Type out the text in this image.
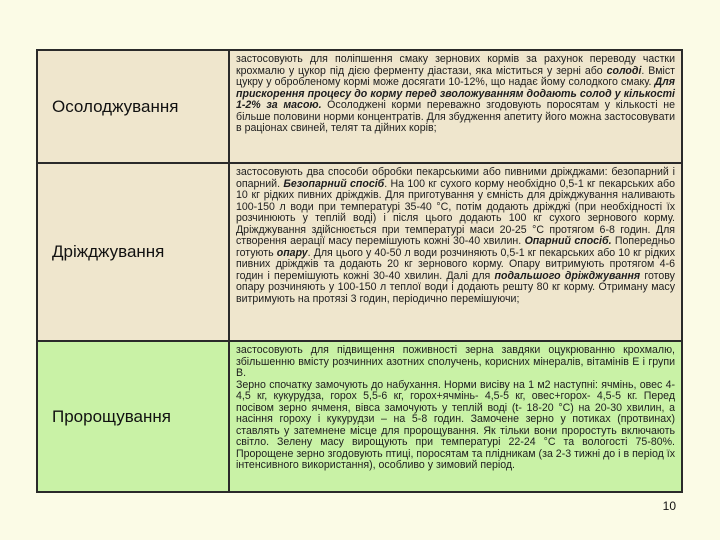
Осолоджування
застосовують для поліпшення смаку зернових кормів за рахунок переводу частки крохмалю у цукор під дією ферменту діастази, яка міститься у зерні або солоді. Вміст цукру у обробленому кормі може досягати 10-12%, що надає йому солодкого смаку. Для прискорення процесу до корму перед зволожуванням додають солод у кількості 1-2% за масою. Осолоджені корми переважно згодовують поросятам у кількості не більше половини норми концентратів. Для збудження апетиту його можна застосовувати в раціонах свиней, телят та дійних корів;
Дріжджування
застосовують два способи обробки пекарськими або пивними дріжджами: безопарний і опарний. Безопарний спосіб. На 100 кг сухого корму необхідно 0,5-1 кг пекарських або 10 кг рідких пивних дріжджів. Для приготування у ємність для дріжджування наливають 100-150 л води при температурі 35-40 °С, потім додають дріжджі (при необхідності їх розчинюють у теплій воді) і після цього додають 100 кг сухого зернового корму. Дріжджування здійснюється при температурі маси 20-25 °С протягом 6-8 годин. Для створення аерації масу перемішують кожні 30-40 хвилин. Опарний спосіб. Попередньо готують опару. Для цього у 40-50 л води розчиняють 0,5-1 кг пекарських або 10 кг рідких пивних дріжджів та додають 20 кг зернового корму. Опару витримують протягом 4-6 годин і перемішують кожні 30-40 хвилин. Далі для подальшого дріжджування готову опару розчиняють у 100-150 л теплої води і додають решту 80 кг корму. Отриману масу витримують на протязі 3 годин, періодично перемішуючи;
Пророщування
застосовують для підвищення поживності зерна завдяки оцукрюванню крохмалю, збільшенню вмісту розчинних азотних сполучень, корисних мінералів, вітамінів Е і групи В.
Зерно спочатку замочують до набухання. Норми висіву на 1 м2 наступні: ячмінь, овес 4-4,5 кг, кукурудза, горох 5,5-6 кг, горох+ячмінь- 4,5-5 кг, овес+горох- 4,5-5 кг. Перед посівом зерно ячменя, вівса замочують у теплій воді (t- 18-20 °С) на 20-30 хвилин, а насіння гороху і кукурудзи – на 5-8 годин. Замочене зерно у потиках (протвинах) ставлять у затемнене місце для пророщування. Як тільки вони проростуть включають світло. Зелену масу вирощують при температурі 22-24 °С та вологості 75-80%. Пророщене зерно згодовують птиці, поросятам та плідникам (за 2-3 тижні до і в період їх інтенсивного використання), особливо у зимовий період.
10
